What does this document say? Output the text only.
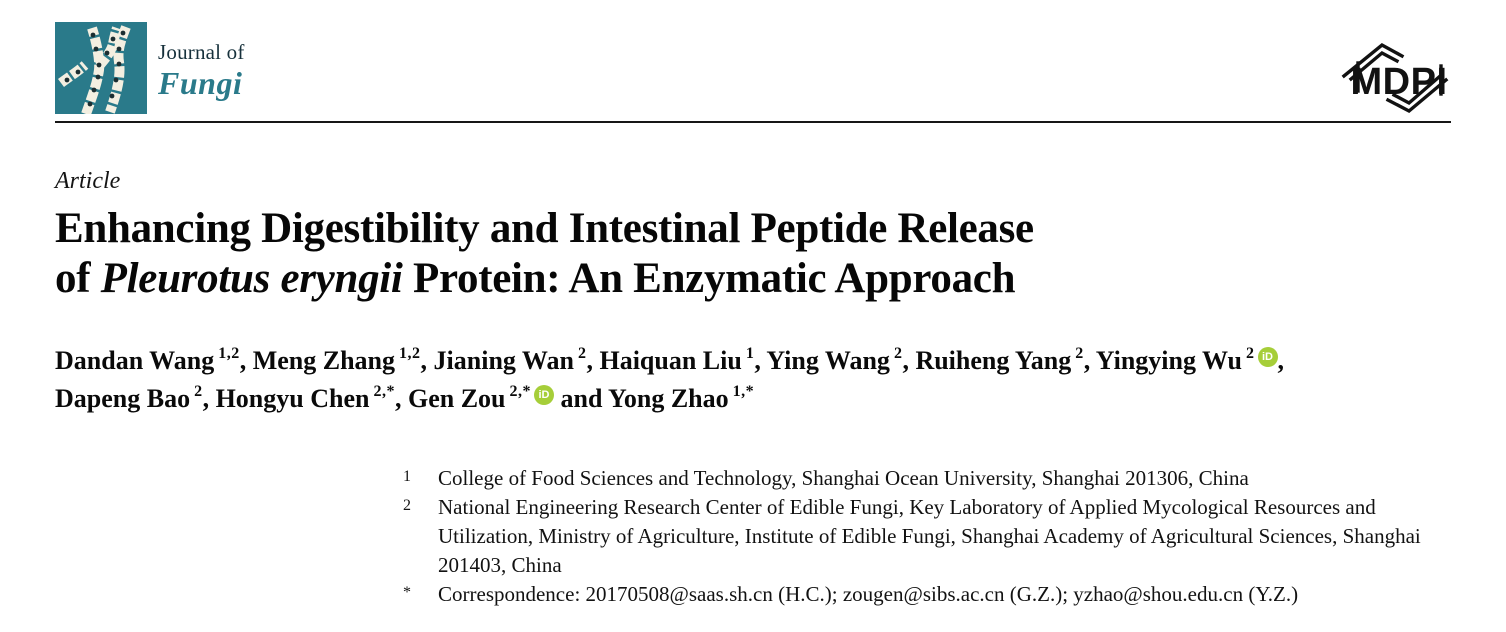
Journal of
Fungi	MDPI
Article
Enhancing Digestibility and Intestinal Peptide Release
of Pleurotus eryngii Protein: An Enzymatic Approach
Dandan Wang $^{1,2}$, Meng Zhang $^{1,2}$, Jianing Wan $^2$, Haiquan Liu $^1$, Ying Wang $^2$, Ruiheng Yang $^2$, Yingying Wu $^2$ iD ,
Dapeng Bao $^2$, Hongyu Chen $^{2,*}$, Gen Zou $^{2,*}$ iD and Yong Zhao $^{1,*}$
1 College of Food Sciences and Technology, Shanghai Ocean University, Shanghai 201306, China
2 National Engineering Research Center of Edible Fungi, Key Laboratory of Applied Mycological Resources and Utilization, Ministry of Agriculture, Institute of Edible Fungi, Shanghai Academy of Agricultural Sciences, Shanghai 201403, China
* Correspondence: 20170508@saas.sh.cn (H.C.); zougen@sibs.ac.cn (G.Z.); yzhao@shou.edu.cn (Y.Z.)
